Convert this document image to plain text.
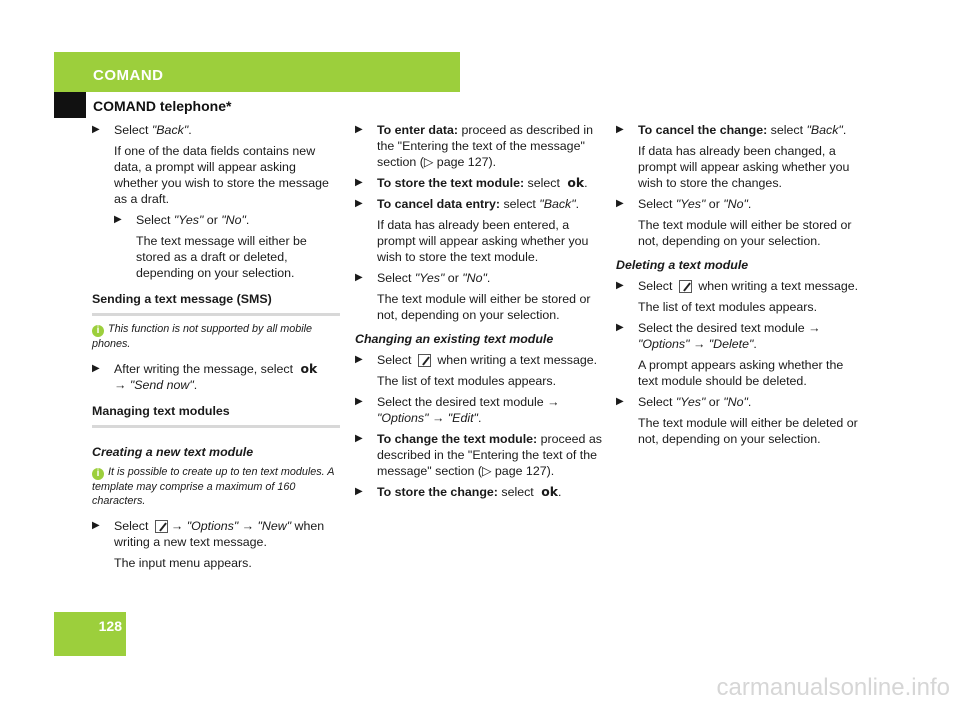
COMAND
COMAND telephone*
▶ Select "Back".
If one of the data fields contains new data, a prompt will appear asking whether you wish to store the message as a draft.
▶ Select "Yes" or "No".
The text message will either be stored as a draft or deleted, depending on your selection.
Sending a text message (SMS)
i This function is not supported by all mobile phones.
▶ After writing the message, select ok
→ "Send now".
Managing text modules
Creating a new text module
i It is possible to create up to ten text modules. A template may comprise a maximum of 160 characters.
▶ Select → "Options" → "New" when writing a new text message.
The input menu appears.
▶ To enter data: proceed as described in the "Entering the text of the message" section (▷ page 127).
▶ To store the text module: select ok.
▶ To cancel data entry: select "Back".
If data has already been entered, a prompt will appear asking whether you wish to store the text module.
▶ Select "Yes" or "No".
The text module will either be stored or not, depending on your selection.
Changing an existing text module
▶ Select  when writing a text message.
The list of text modules appears.
▶ Select the desired text module → "Options" → "Edit".
▶ To change the text module: proceed as described in the "Entering the text of the message" section (▷ page 127).
▶ To store the change: select ok.
▶ To cancel the change: select "Back".
If data has already been changed, a prompt will appear asking whether you wish to store the changes.
▶ Select "Yes" or "No".
The text module will either be stored or not, depending on your selection.
Deleting a text module
▶ Select  when writing a text message.
The list of text modules appears.
▶ Select the desired text module → "Options" → "Delete".
A prompt appears asking whether the text module should be deleted.
▶ Select "Yes" or "No".
The text module will either be deleted or not, depending on your selection.
128
carmanualsonline.info
